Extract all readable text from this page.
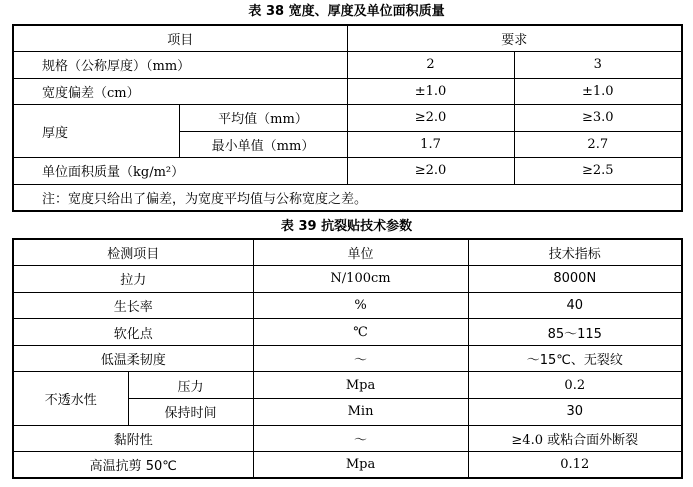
表 38 宽度、厚度及单位面积质量
项目		要求	
规格（公称厚度）（mm）		2	3
宽度偏差（cm）		±1.0	±1.0
厚度	平均值（mm）	≥2.0	≥3.0
	最小单值（mm）	1.7	2.7
单位面积质量（kg/m²）		≥2.0	≥2.5
注：宽度只给出了偏差，为宽度平均值与公称宽度之差。			
表 39 抗裂贴技术参数
检测项目		单位	技术指标
拉力		N/100cm	8000N
生长率		%	40
软化点		℃	85～115
低温柔韧度		～	～15℃、无裂纹
不透水性	压力	Mpa	0.2
	保持时间	Min	30
黏附性		～	≥4.0 或粘合面外断裂
高温抗剪 50℃		Mpa	0.12
